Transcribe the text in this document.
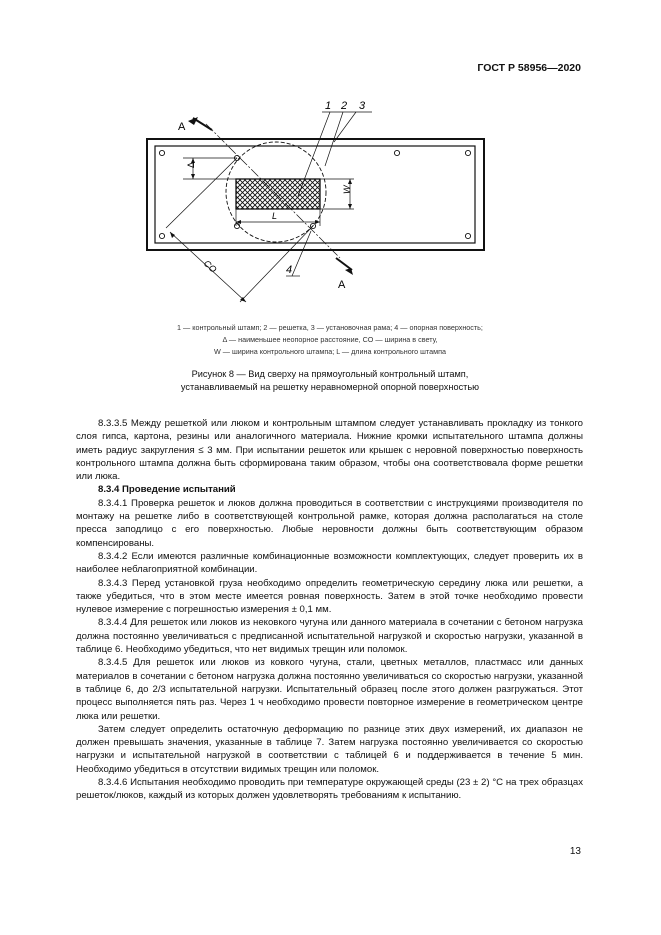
ГОСТ Р 58956—2020
Δ
W
L
A
A
CO
1 2 3
4
1 — контрольный штамп; 2 — решетка, 3 — установочная рама; 4 — опорная поверхность;
Δ — наименьшее неопорное расстояние, CO — ширина в свету,
W — ширина контрольного штампа; L — длина контрольного штампа
Рисунок 8 — Вид сверху на прямоугольный контрольный штамп,
устанавливаемый на решетку неравномерной опорной поверхностью

8.3.3.5 Между решеткой или люком и контрольным штампом следует устанавливать прокладку из тонкого слоя гипса, картона, резины или аналогичного материала. Нижние кромки испытательного штампа должны иметь радиус закругления ≤ 3 мм. При испытании решеток или крышек с неровной поверхностью поверхность контрольного штампа должна быть сформирована таким образом, чтобы она соответствовала форме решетки или люка.

8.3.4 Проведение испытаний

8.3.4.1 Проверка решеток и люков должна проводиться в соответствии с инструкциями производителя по монтажу на решетке либо в соответствующей контрольной рамке, которая должна располагаться на столе пресса заподлицо с его поверхностью. Любые неровности должны быть соответствующим образом компенсированы.

8.3.4.2 Если имеются различные комбинационные возможности комплектующих, следует проверить их в наиболее неблагоприятной комбинации.

8.3.4.3 Перед установкой груза необходимо определить геометрическую середину люка или решетки, а также убедиться, что в этом месте имеется ровная поверхность. Затем в этой точке необходимо провести нулевое измерение с погрешностью измерения ± 0,1 мм.

8.3.4.4 Для решеток или люков из нековкого чугуна или данного материала в сочетании с бетоном нагрузка должна постоянно увеличиваться с предписанной испытательной нагрузкой и скоростью нагрузки, указанной в таблице 6. Необходимо убедиться, что нет видимых трещин или поломок.

8.3.4.5 Для решеток или люков из ковкого чугуна, стали, цветных металлов, пластмасс или данных материалов в сочетании с бетоном нагрузка должна постоянно увеличиваться со скоростью нагрузки, указанной в таблице 6, до 2/3 испытательной нагрузки. Испытательный образец после этого должен разгружаться. Этот процесс выполняется пять раз. Через 1 ч необходимо провести повторное измерение в геометрическом центре люка или решетки.

Затем следует определить остаточную деформацию по разнице этих двух измерений, их диапазон не должен превышать значения, указанные в таблице 7. Затем нагрузка постоянно увеличивается со скоростью нагрузки и испытательной нагрузкой в соответствии с таблицей 6 и поддерживается в течение 5 мин. Необходимо убедиться в отсутствии видимых трещин или поломок.

8.3.4.6 Испытания необходимо проводить при температуре окружающей среды (23 ± 2) °С на трех образцах решеток/люков, каждый из которых должен удовлетворять требованиям к испытанию.

13
